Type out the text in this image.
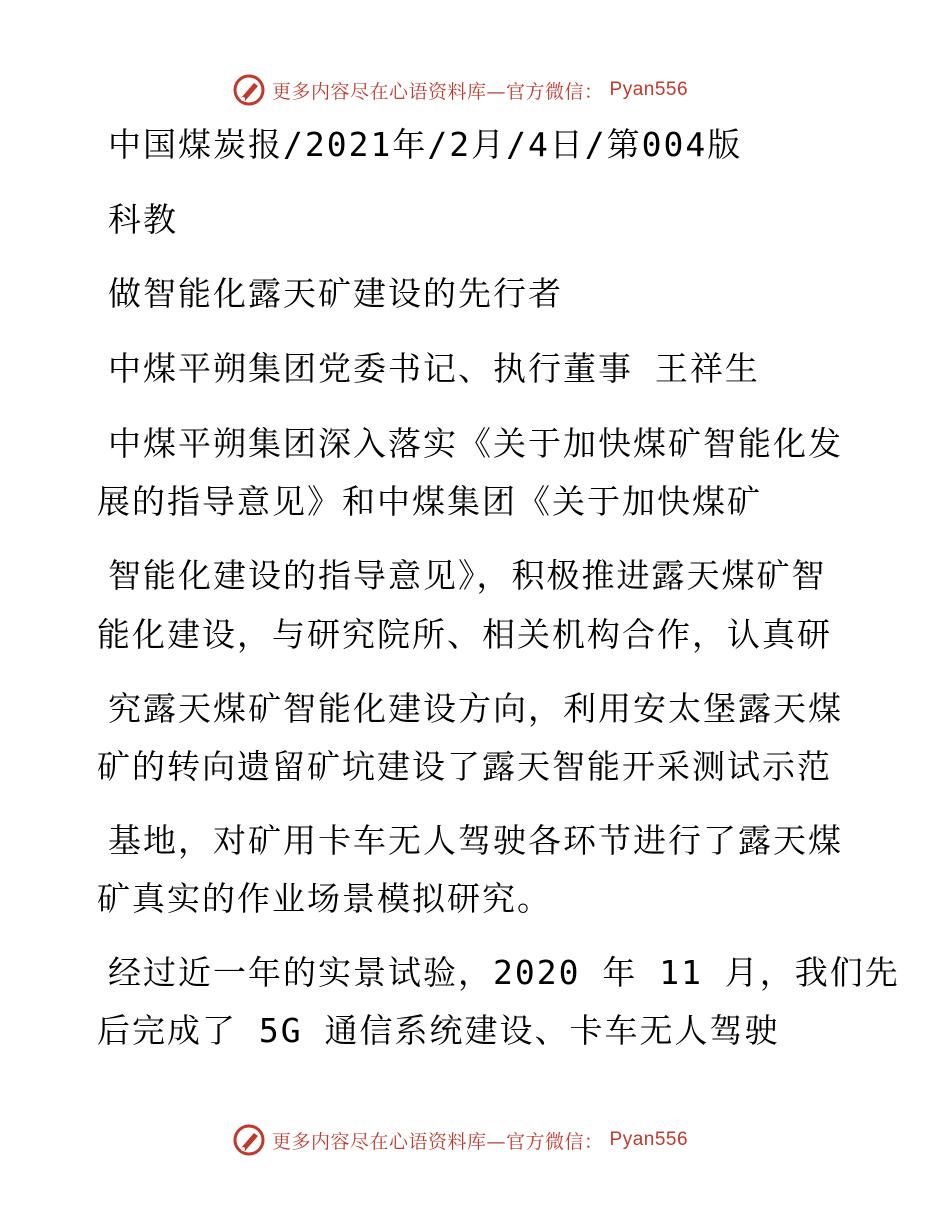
更多内容尽在心语资料库—官方微信： Pyan556
中国煤炭报/2021年/2月/4日/第004版
科教
做智能化露天矿建设的先行者
中煤平朔集团党委书记、执行董事 王祥生
中煤平朔集团深入落实《关于加快煤矿智能化发
展的指导意见》和中煤集团《关于加快煤矿
智能化建设的指导意见》，积极推进露天煤矿智
能化建设，与研究院所、相关机构合作，认真研
究露天煤矿智能化建设方向，利用安太堡露天煤
矿的转向遗留矿坑建设了露天智能开采测试示范
基地，对矿用卡车无人驾驶各环节进行了露天煤
矿真实的作业场景模拟研究。
经过近一年的实景试验，2020 年 11 月，我们先
后完成了 5G 通信系统建设、卡车无人驾驶
更多内容尽在心语资料库—官方微信： Pyan556
